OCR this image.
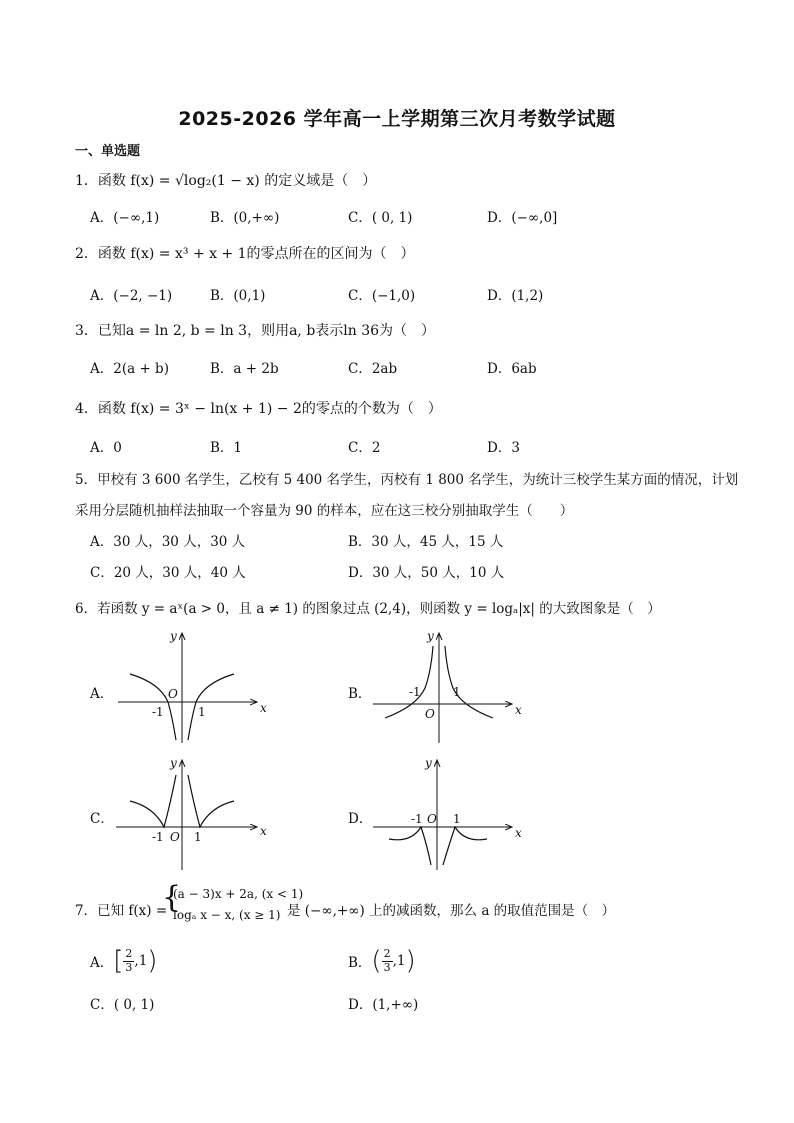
2025-2026 学年高一上学期第三次月考数学试题
一、单选题
1．函数 f(x) = √log₂(1 − x) 的定义域是（　）
A．(−∞,1)	B．(0,+∞)	C．( 0, 1)	D．(−∞,0]
2．函数 f(x) = x³ + x + 1的零点所在的区间为（　）
A．(−2, −1)	B．(0,1)	C．(−1,0)	D．(1,2)
3．已知a = ln 2, b = ln 3，则用a, b表示ln 36为（　）
A．2(a + b)	B．a + 2b	C．2ab	D．6ab
4．函数 f(x) = 3ˣ − ln(x + 1) − 2的零点的个数为（　）
A．0	B．1	C．2	D．3
5．甲校有 3 600 名学生，乙校有 5 400 名学生，丙校有 1 800 名学生，为统计三校学生某方面的情况，计划
采用分层随机抽样法抽取一个容量为 90 的样本，应在这三校分别抽取学生（　　）
A．30 人，30 人，30 人	B．30 人，45 人，15 人
C．20 人，30 人，40 人	D．30 人，50 人，10 人
6．若函数 y = aˣ(a > 0，且 a ≠ 1) 的图象过点 (2,4)，则函数 y = logₐ|x| 的大致图象是（　）
A．	B．
C．	D．
x
y
O
-1	1	x
y
O
-1	1
x
y
O
-1	1	x
y
O
-1	1
7．已知 f(x) =
{
(a − 3)x + 2a, (x < 1)
logₐ x − x, (x ≥ 1) 是 (−∞,+∞) 上的减函数，那么 a 的取值范围是（　）
A． [ $\frac{2}{3} ,1$ )	B． ( $\frac{2}{3} ,1$ )
C．( 0, 1)	D．(1,+∞)
